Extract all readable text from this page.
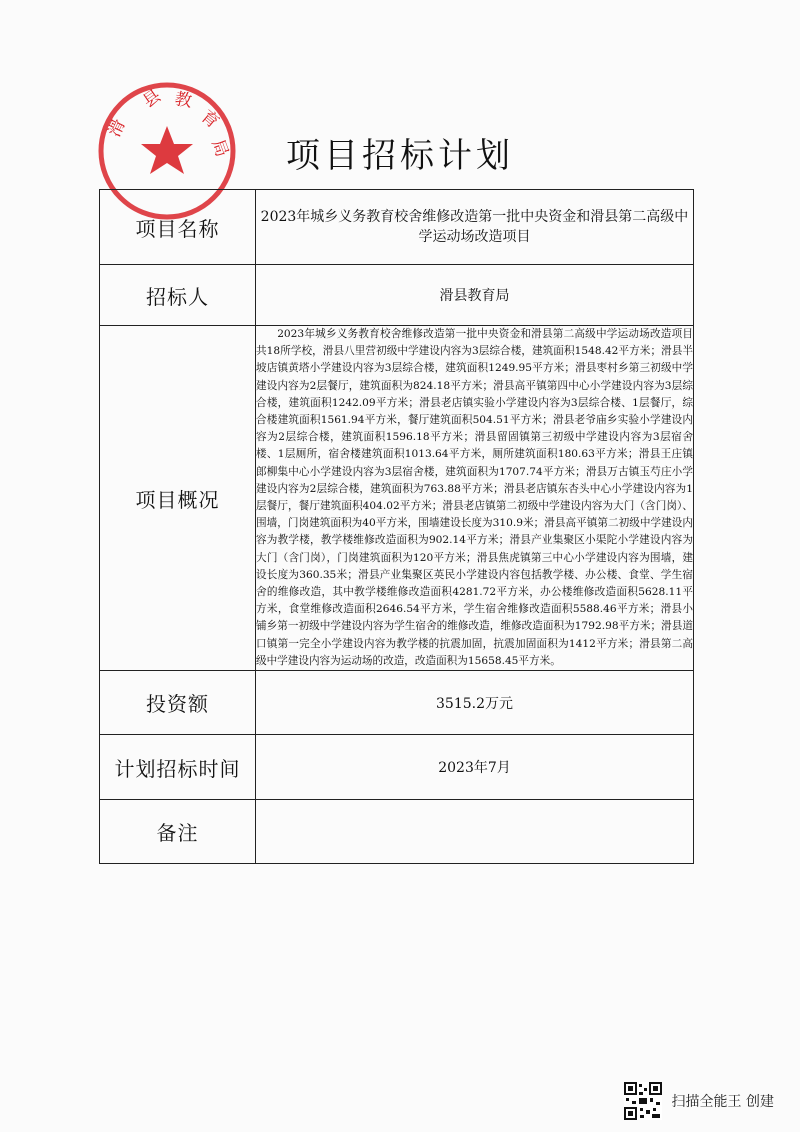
县 教
育
局
滑
项目招标计划
项目名称	2023年城乡义务教育校舍维修改造第一批中央资金和滑县第二高级中学运动场改造项目
招标人	滑县教育局
项目概况	2023年城乡义务教育校舍维修改造第一批中央资金和滑县第二高级中学运动场改造项目共18所学校，滑县八里营初级中学建设内容为3层综合楼，建筑面积1548.42平方米；滑县半坡店镇黄塔小学建设内容为3层综合楼，建筑面积1249.95平方米；滑县枣村乡第三初级中学建设内容为2层餐厅，建筑面积为824.18平方米；滑县高平镇第四中心小学建设内容为3层综合楼，建筑面积1242.09平方米；滑县老店镇实验小学建设内容为3层综合楼、1层餐厅，综合楼建筑面积1561.94平方米，餐厅建筑面积504.51平方米；滑县老爷庙乡实验小学建设内容为2层综合楼，建筑面积1596.18平方米；滑县留固镇第三初级中学建设内容为3层宿舍楼、1层厕所，宿舍楼建筑面积1013.64平方米，厕所建筑面积180.63平方米；滑县王庄镇郎柳集中心小学建设内容为3层宿舍楼，建筑面积为1707.74平方米；滑县万古镇玉芍庄小学建设内容为2层综合楼，建筑面积为763.88平方米；滑县老店镇东杏头中心小学建设内容为1层餐厅，餐厅建筑面积404.02平方米；滑县老店镇第二初级中学建设内容为大门（含门岗）、围墙，门岗建筑面积为40平方米，围墙建设长度为310.9米；滑县高平镇第二初级中学建设内容为教学楼，教学楼维修改造面积为902.14平方米；滑县产业集聚区小渠陀小学建设内容为大门（含门岗），门岗建筑面积为120平方米；滑县焦虎镇第三中心小学建设内容为围墙，建设长度为360.35米；滑县产业集聚区英民小学建设内容包括教学楼、办公楼、食堂、学生宿舍的维修改造，其中教学楼维修改造面积4281.72平方米，办公楼维修改造面积5628.11平方米，食堂维修改造面积2646.54平方米，学生宿舍维修改造面积5588.46平方米；滑县小铺乡第一初级中学建设内容为学生宿舍的维修改造，维修改造面积为1792.98平方米；滑县道口镇第一完全小学建设内容为教学楼的抗震加固，抗震加固面积为1412平方米；滑县第二高级中学建设内容为运动场的改造，改造面积为15658.45平方米。
投资额	3515.2万元
计划招标时间	2023年7月
备注	
扫描全能王 创建
